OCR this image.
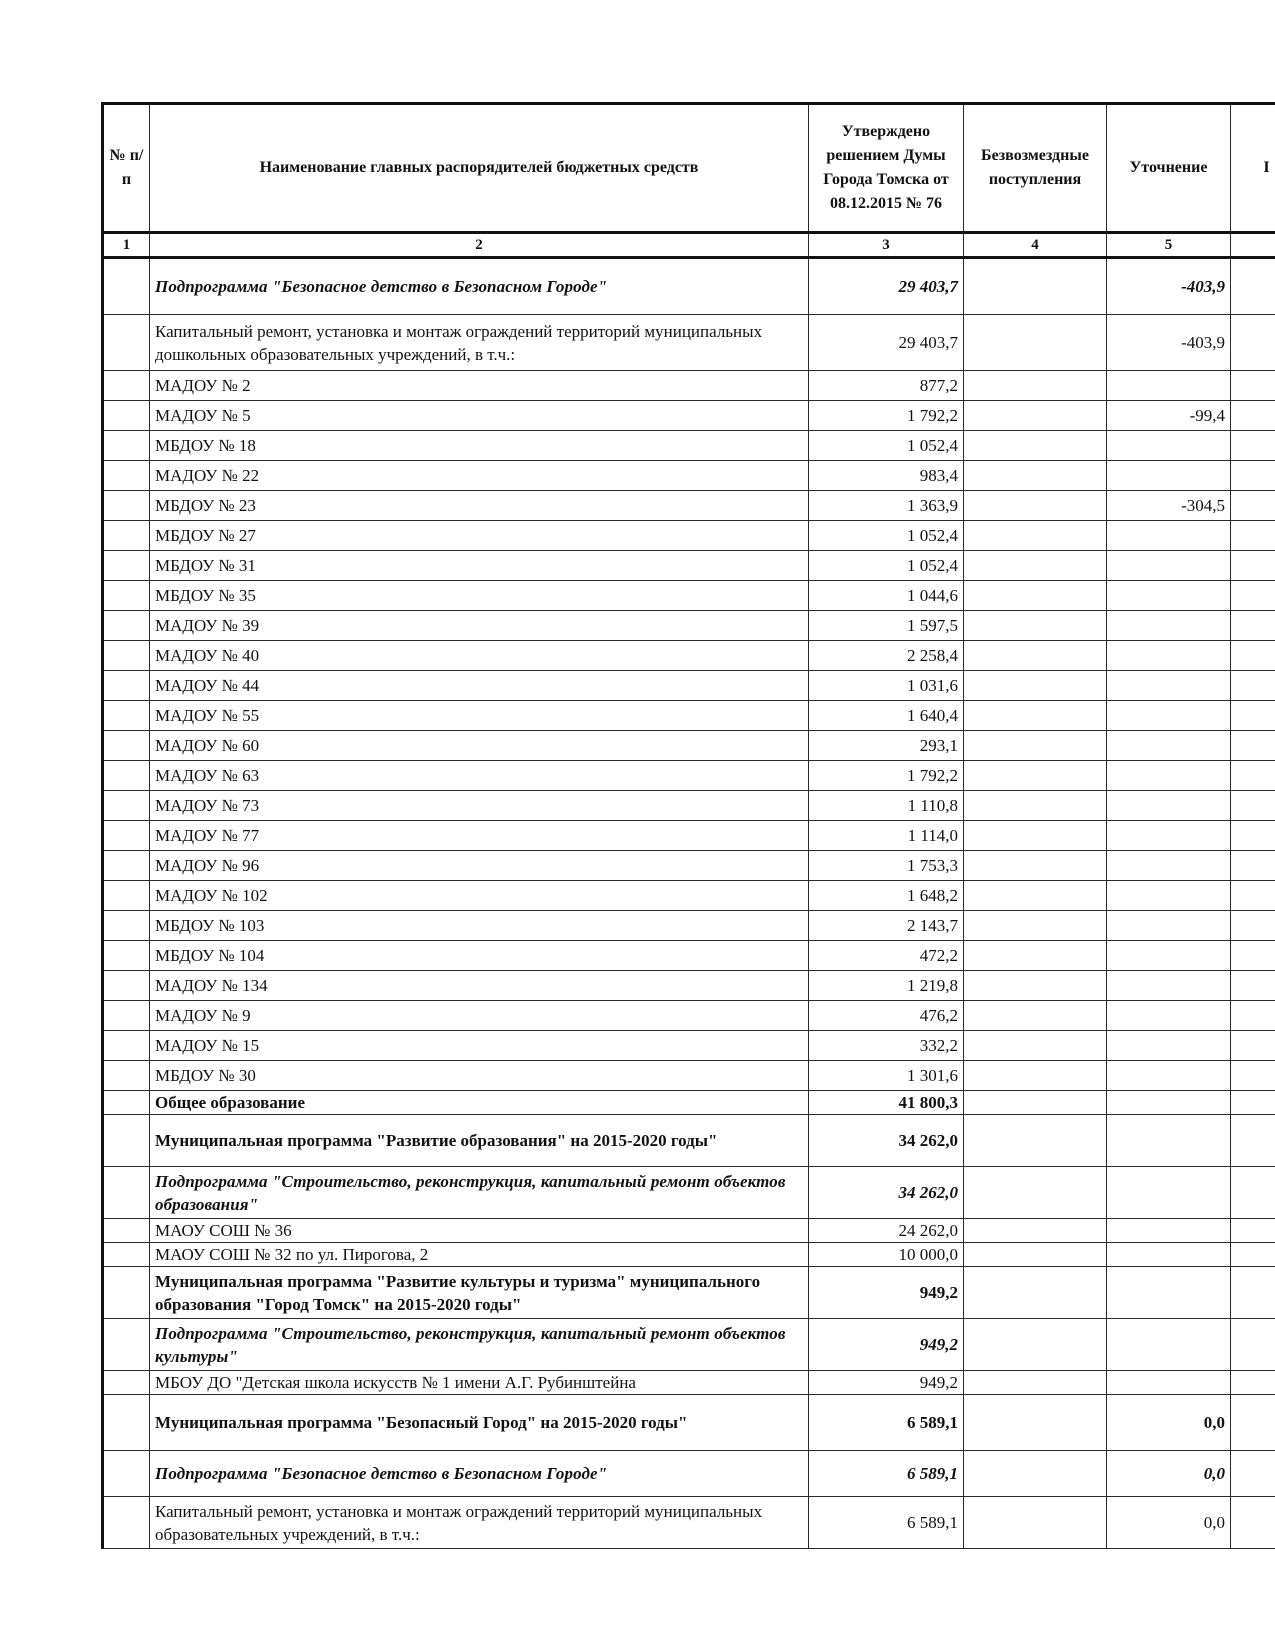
№ п/п	Наименование главных распорядителей бюджетных средств	Утверждено решением Думы Города Томска от 08.12.2015 № 76	Безвозмездные поступления	Уточнение	I
1	2	3	4	5	
	Подпрограмма "Безопасное детство в Безопасном Городе"	29 403,7		-403,9	
	Капитальный ремонт, установка и монтаж ограждений территорий муниципальных дошкольных образовательных учреждений, в т.ч.:	29 403,7		-403,9	
	МАДОУ № 2	877,2			
	МАДОУ № 5	1 792,2		-99,4	
	МБДОУ № 18	1 052,4			
	МАДОУ № 22	983,4			
	МБДОУ № 23	1 363,9		-304,5	
	МБДОУ № 27	1 052,4			
	МБДОУ № 31	1 052,4			
	МБДОУ № 35	1 044,6			
	МАДОУ № 39	1 597,5			
	МАДОУ № 40	2 258,4			
	МАДОУ № 44	1 031,6			
	МАДОУ № 55	1 640,4			
	МАДОУ № 60	293,1			
	МАДОУ № 63	1 792,2			
	МАДОУ № 73	1 110,8			
	МАДОУ № 77	1 114,0			
	МАДОУ № 96	1 753,3			
	МАДОУ № 102	1 648,2			
	МБДОУ № 103	2 143,7			
	МБДОУ № 104	472,2			
	МАДОУ № 134	1 219,8			
	МАДОУ № 9	476,2			
	МАДОУ № 15	332,2			
	МБДОУ № 30	1 301,6			
	Общее образование	41 800,3			
	Муниципальная программа "Развитие образования" на 2015-2020 годы"	34 262,0			
	Подпрограмма "Строительство, реконструкция, капитальный ремонт объектов образования"	34 262,0			
	МАОУ СОШ № 36	24 262,0			
	МАОУ СОШ № 32 по ул. Пирогова, 2	10 000,0			
	Муниципальная программа "Развитие культуры и туризма" муниципального образования "Город Томск" на 2015-2020 годы"	949,2			
	Подпрограмма "Строительство, реконструкция, капитальный ремонт объектов культуры"	949,2			
	МБОУ ДО "Детская школа искусств № 1 имени А.Г. Рубинштейна	949,2			
	Муниципальная программа "Безопасный Город" на 2015-2020 годы"	6 589,1		0,0	
	Подпрограмма "Безопасное детство в Безопасном Городе"	6 589,1		0,0	
	Капитальный ремонт, установка и монтаж ограждений территорий муниципальных образовательных учреждений, в т.ч.:	6 589,1		0,0	
